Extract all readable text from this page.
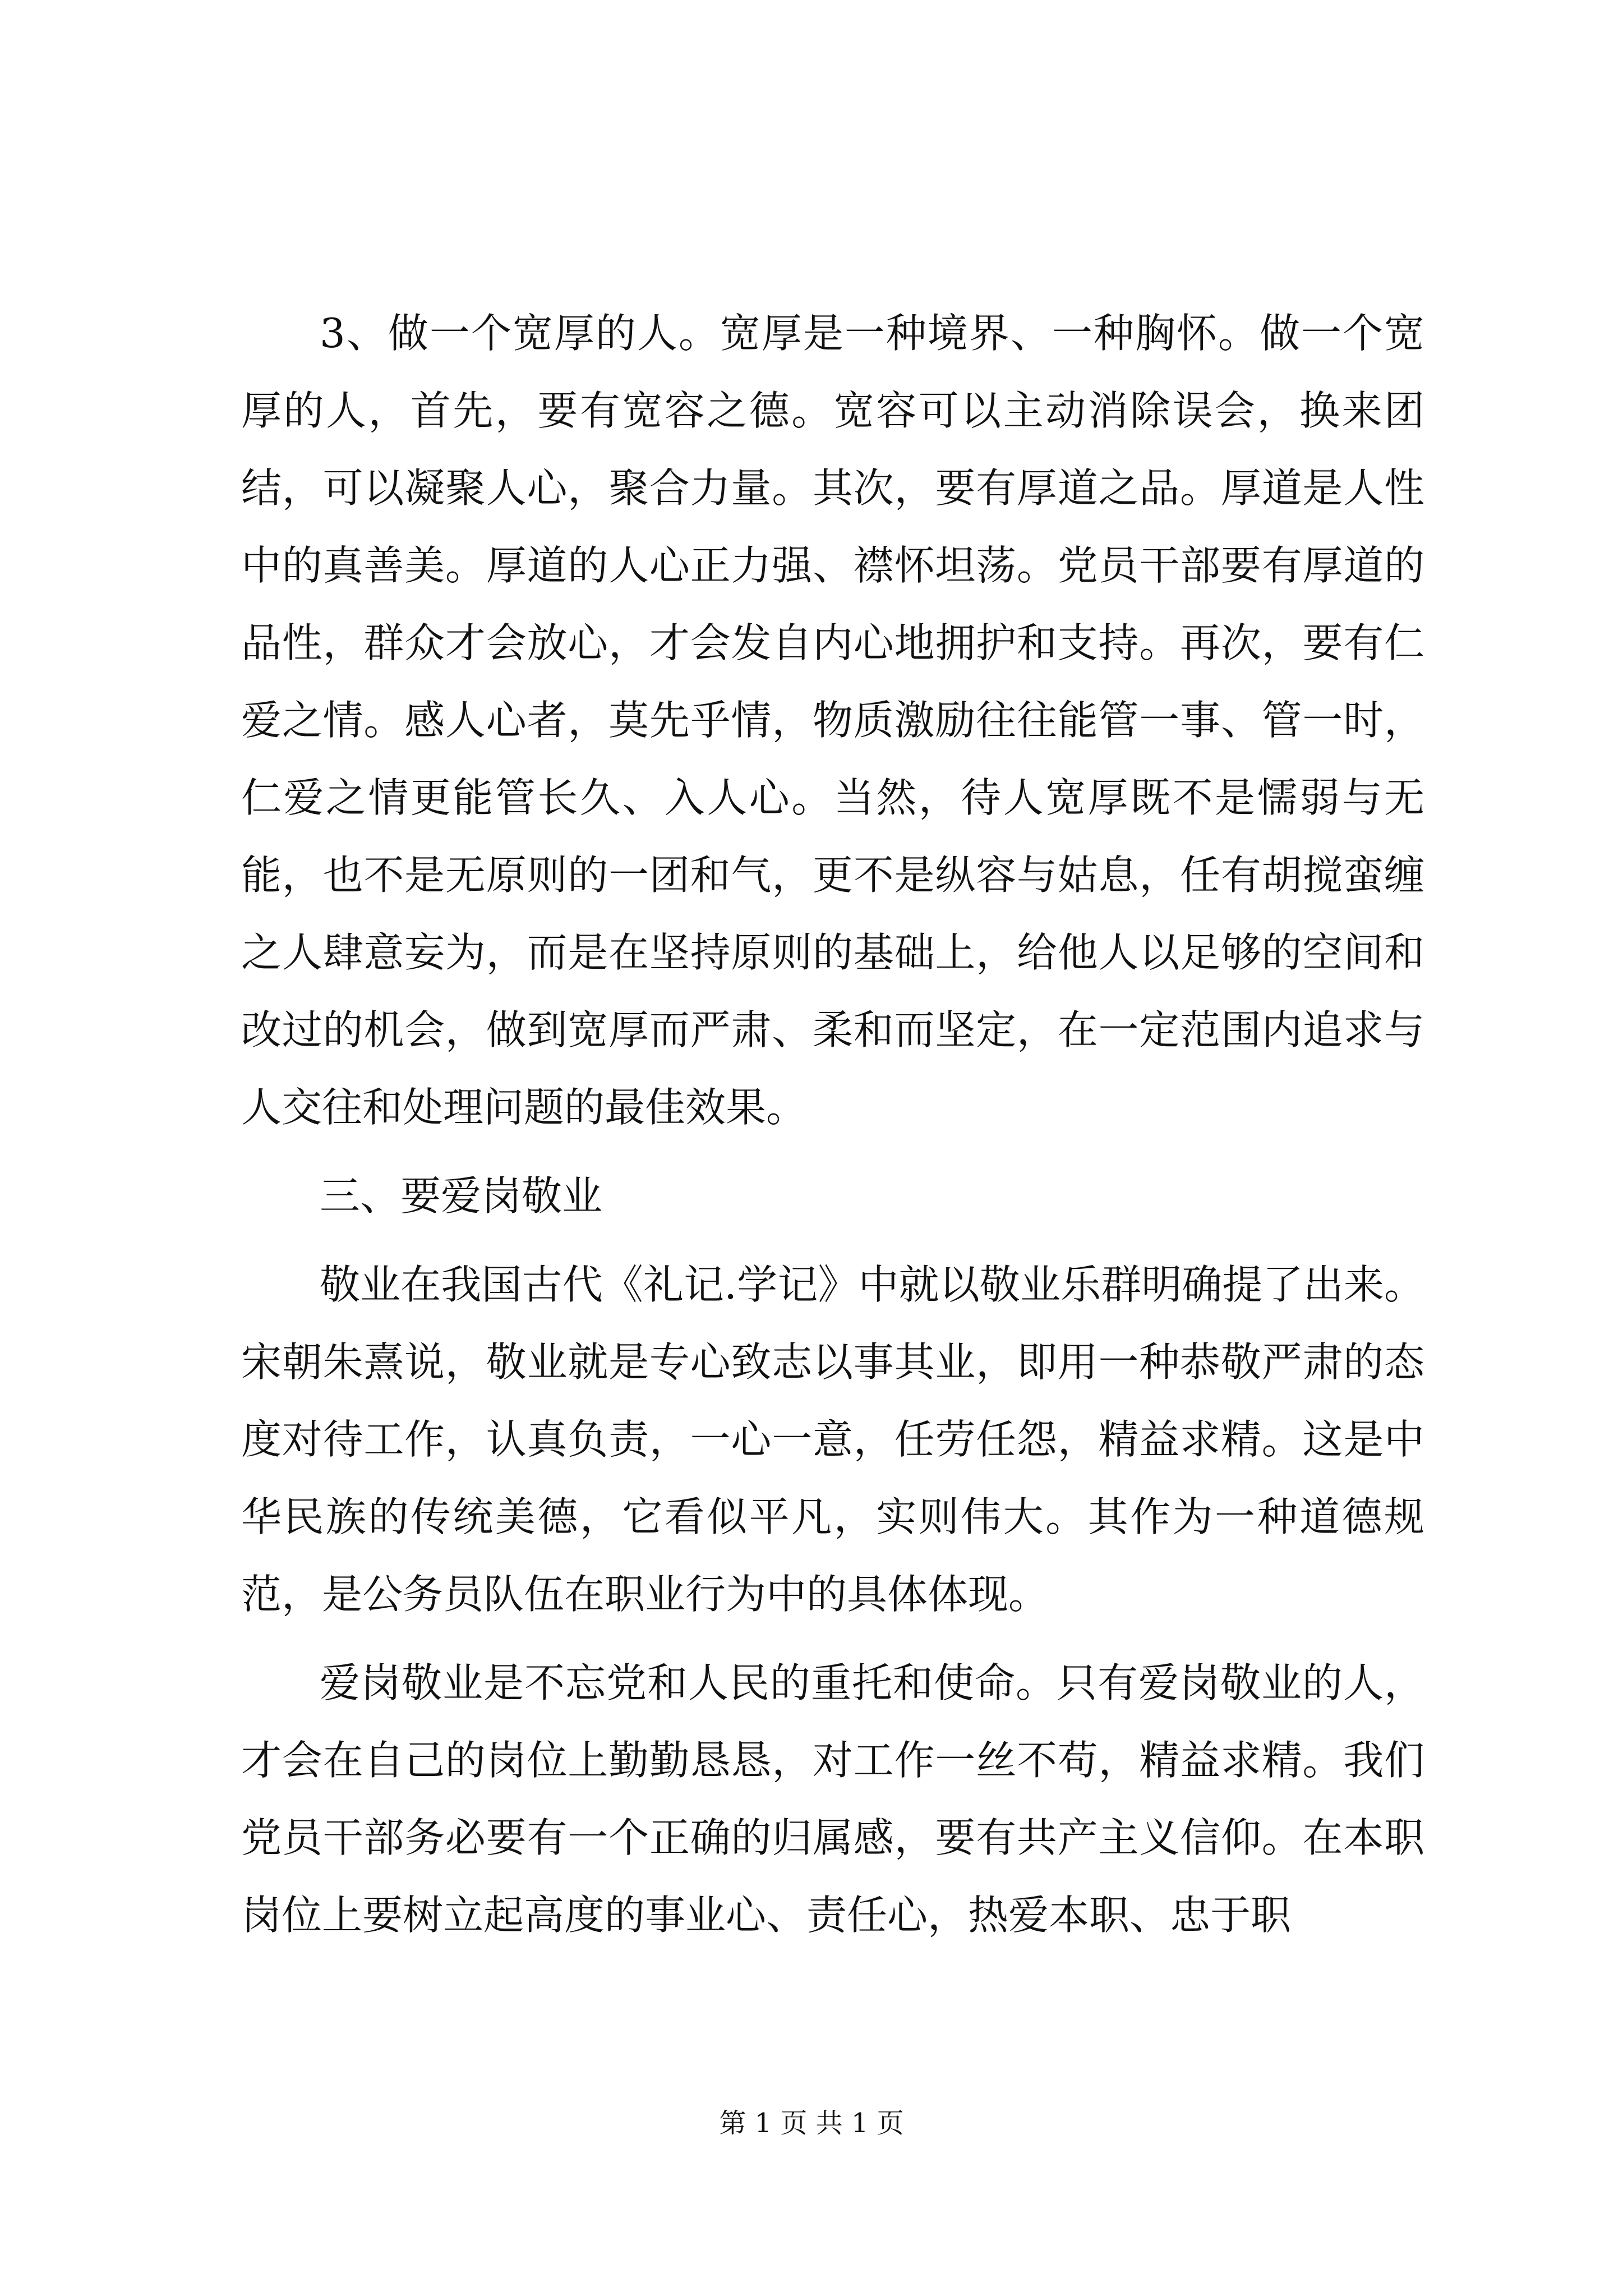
3、做一个宽厚的人。宽厚是一种境界、一种胸怀。做一个宽厚的人，首先，要有宽容之德。宽容可以主动消除误会，换来团结，可以凝聚人心，聚合力量。其次，要有厚道之品。厚道是人性中的真善美。厚道的人心正力强、襟怀坦荡。党员干部要有厚道的品性，群众才会放心，才会发自内心地拥护和支持。再次，要有仁爱之情。感人心者，莫先乎情，物质激励往往能管一事、管一时，仁爱之情更能管长久、入人心。当然，待人宽厚既不是懦弱与无能，也不是无原则的一团和气，更不是纵容与姑息，任有胡搅蛮缠之人肆意妄为，而是在坚持原则的基础上，给他人以足够的空间和改过的机会，做到宽厚而严肃、柔和而坚定，在一定范围内追求与人交往和处理问题的最佳效果。

三、要爱岗敬业

敬业在我国古代《礼记.学记》中就以敬业乐群明确提了出来。宋朝朱熹说，敬业就是专心致志以事其业，即用一种恭敬严肃的态度对待工作，认真负责，一心一意，任劳任怨，精益求精。这是中华民族的传统美德，它看似平凡，实则伟大。其作为一种道德规范，是公务员队伍在职业行为中的具体体现。

爱岗敬业是不忘党和人民的重托和使命。只有爱岗敬业的人，才会在自己的岗位上勤勤恳恳，对工作一丝不苟，精益求精。我们党员干部务必要有一个正确的归属感，要有共产主义信仰。在本职岗位上要树立起高度的事业心、责任心，热爱本职、忠于职

第 1 页 共 1 页
